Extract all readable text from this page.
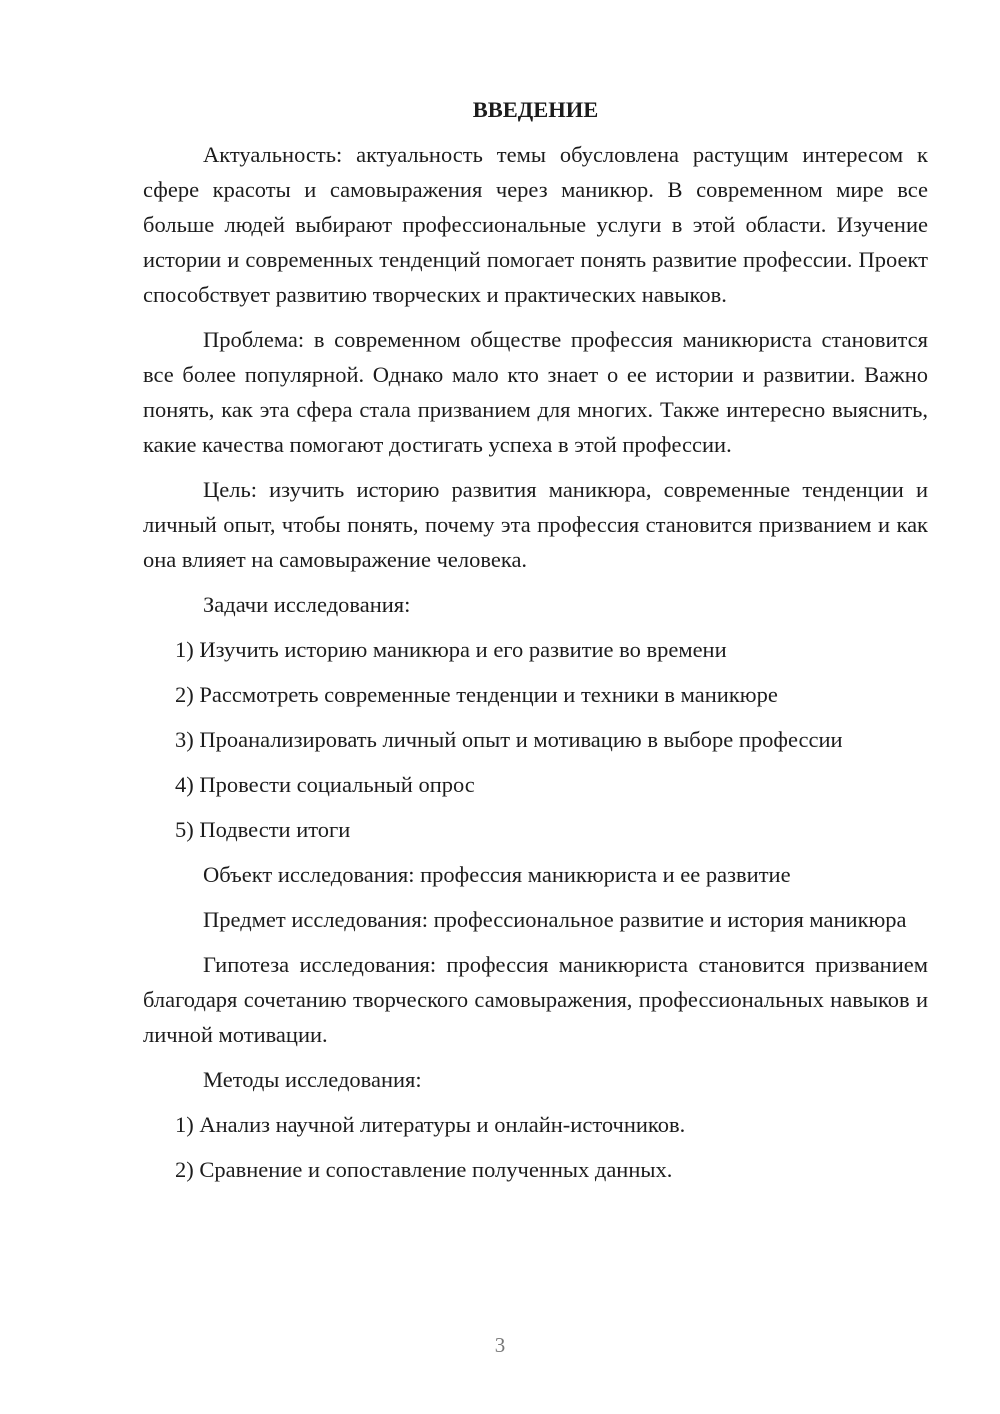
ВВЕДЕНИЕ

Актуальность: актуальность темы обусловлена растущим интересом к сфере красоты и самовыражения через маникюр. В современном мире все больше людей выбирают профессиональные услуги в этой области. Изучение истории и современных тенденций помогает понять развитие профессии. Проект способствует развитию творческих и практических навыков.

Проблема: в современном обществе профессия маникюриста становится все более популярной. Однако мало кто знает о ее истории и развитии. Важно понять, как эта сфера стала призванием для многих. Также интересно выяснить, какие качества помогают достигать успеха в этой профессии.

Цель: изучить историю развития маникюра, современные тенденции и личный опыт, чтобы понять, почему эта профессия становится призванием и как она влияет на самовыражение человека.

Задачи исследования:
1) Изучить историю маникюра и его развитие во времени
2) Рассмотреть современные тенденции и техники в маникюре
3) Проанализировать личный опыт и мотивацию в выборе профессии
4) Провести социальный опрос
5) Подвести итоги
Объект исследования: профессия маникюриста и ее развитие

Предмет исследования: профессиональное развитие и история маникюра

Гипотеза исследования: профессия маникюриста становится призванием благодаря сочетанию творческого самовыражения, профессиональных навыков и личной мотивации.

Методы исследования:
1) Анализ научной литературы и онлайн-источников.
2) Сравнение и сопоставление полученных данных.
3
